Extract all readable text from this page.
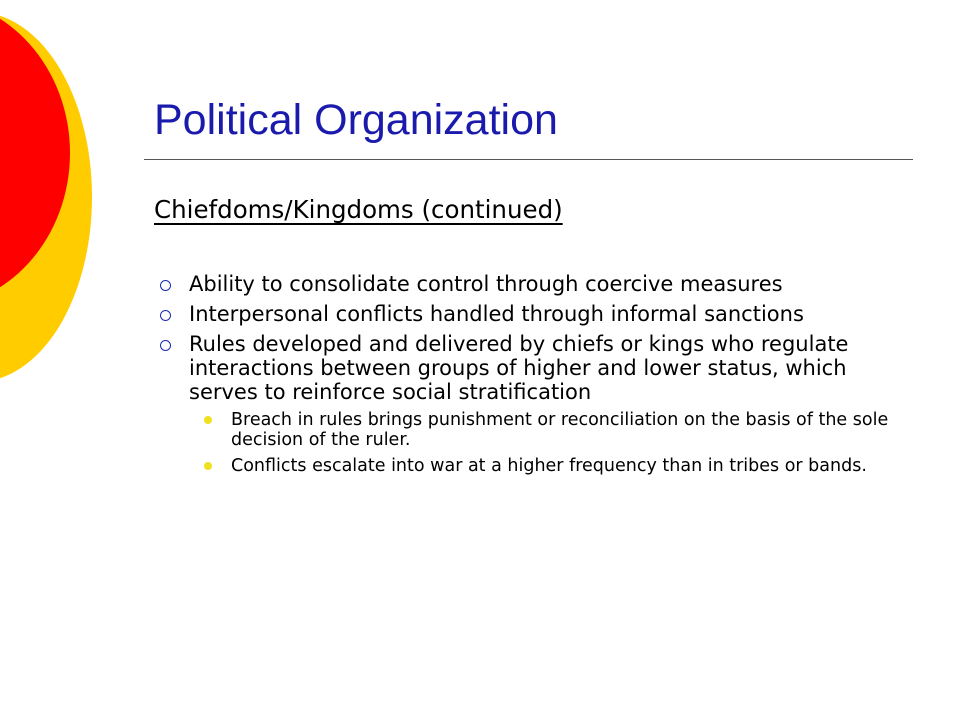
Political Organization
Chiefdoms/Kingdoms (continued)
Ability to consolidate control through coercive measures
Interpersonal conflicts handled through informal sanctions
Rules developed and delivered by chiefs or kings who regulate interactions between groups of higher and lower status, which serves to reinforce social stratification
Breach in rules brings punishment or reconciliation on the basis of the sole decision of the ruler.
Conflicts escalate into war at a higher frequency than in tribes or bands.
